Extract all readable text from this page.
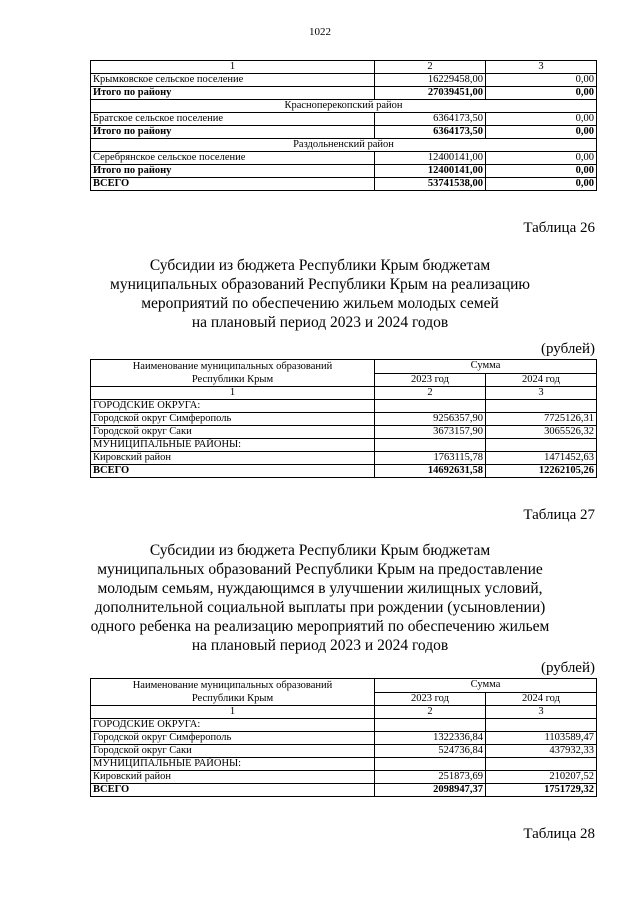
1022
1	2	3
Крымковское сельское поселение	16229458,00	0,00
Итого по району	27039451,00	0,00
Красноперекопский район		
Братское сельское поселение	6364173,50	0,00
Итого по району	6364173,50	0,00
Раздольненский район		
Серебрянское сельское поселение	12400141,00	0,00
Итого по району	12400141,00	0,00
ВСЕГО	53741538,00	0,00
Таблица 26
Субсидии из бюджета Республики Крым бюджетам
муниципальных образований Республики Крым на реализацию
мероприятий по обеспечению жильем молодых семей
на плановый период 2023 и 2024 годов
(рублей)
Наименование муниципальных образований
Республики Крым	Сумма	
	2023 год	2024 год
1	2	3
ГОРОДСКИЕ ОКРУГА:		
Городской округ Симферополь	9256357,90	7725126,31
Городской округ Саки	3673157,90	3065526,32
МУНИЦИПАЛЬНЫЕ РАЙОНЫ:		
Кировский район	1763115,78	1471452,63
ВСЕГО	14692631,58	12262105,26
Таблица 27
Субсидии из бюджета Республики Крым бюджетам
муниципальных образований Республики Крым на предоставление
молодым семьям, нуждающимся в улучшении жилищных условий,
дополнительной социальной выплаты при рождении (усыновлении)
одного ребенка на реализацию мероприятий по обеспечению жильем
на плановый период 2023 и 2024 годов
(рублей)
Наименование муниципальных образований
Республики Крым	Сумма	
	2023 год	2024 год
1	2	3
ГОРОДСКИЕ ОКРУГА:		
Городской округ Симферополь	1322336,84	1103589,47
Городской округ Саки	524736,84	437932,33
МУНИЦИПАЛЬНЫЕ РАЙОНЫ:		
Кировский район	251873,69	210207,52
ВСЕГО	2098947,37	1751729,32
Таблица 28
